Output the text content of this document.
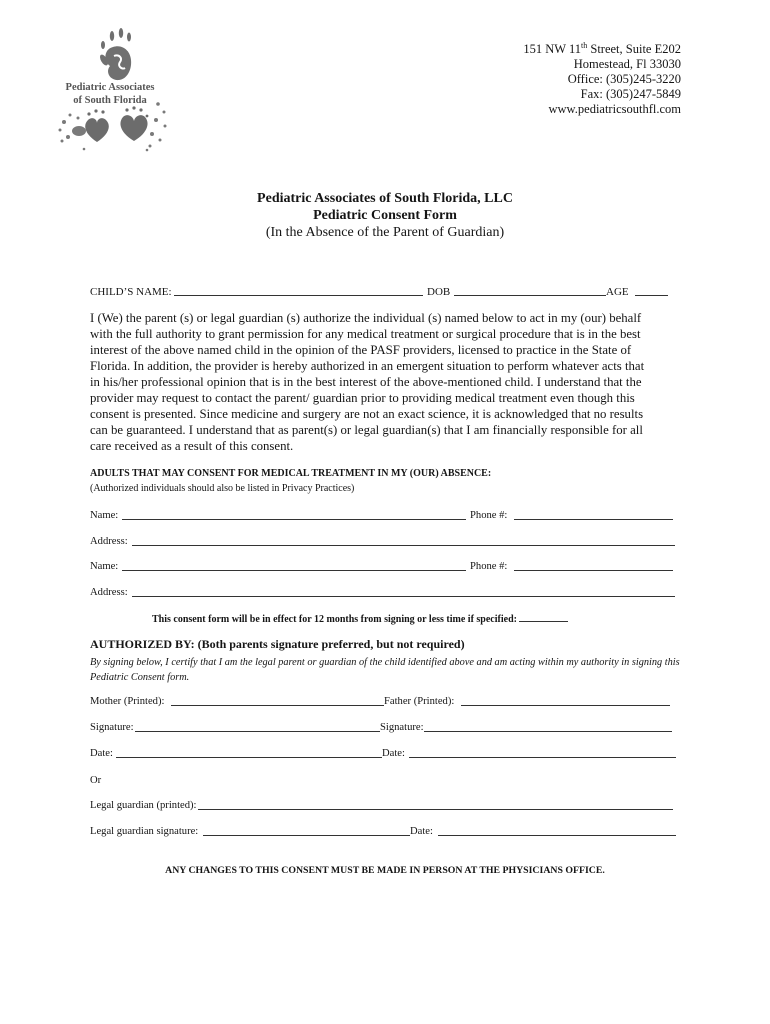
Pediatric Associates
of South Florida
151 NW 11th Street, Suite E202
Homestead, Fl 33030
Office: (305)245-3220
Fax: (305)247-5849
www.pediatricsouthfl.com
Pediatric Associates of South Florida, LLC
Pediatric Consent Form
(In the Absence of the Parent of Guardian)
CHILD’S NAME:	DOB	AGE
I (We) the parent (s) or legal guardian (s) authorize the individual (s) named below to act in my (our) behalf
with the full authority to grant permission for any medical treatment or surgical procedure that is in the best
interest of the above named child in the opinion of the PASF providers, licensed to practice in the State of
Florida. In addition, the provider is hereby authorized in an emergent situation to perform whatever acts that
in his/her professional opinion that is in the best interest of the above-mentioned child. I understand that the
provider may request to contact the parent/ guardian prior to providing medical treatment even though this
consent is presented. Since medicine and surgery are not an exact science, it is acknowledged that no results
can be guaranteed. I understand that as parent(s) or legal guardian(s) that I am financially responsible for all
care received as a result of this consent.
ADULTS THAT MAY CONSENT FOR MEDICAL TREATMENT IN MY (OUR) ABSENCE:
(Authorized individuals should also be listed in Privacy Practices)
Name:	Phone #:
Address:
Name:	Phone #:
Address:
This consent form will be in effect for 12 months from signing or less time if specified:
AUTHORIZED BY: (Both parents signature preferred, but not required)
By signing below, I certify that I am the legal parent or guardian of the child identified above and am acting within my authority in signing this
Pediatric Consent form.
Mother (Printed):	Father (Printed):
Signature:	Signature:
Date:	Date:
Or
Legal guardian (printed):
Legal guardian signature:	Date:
ANY CHANGES TO THIS CONSENT MUST BE MADE IN PERSON AT THE PHYSICIANS OFFICE.
